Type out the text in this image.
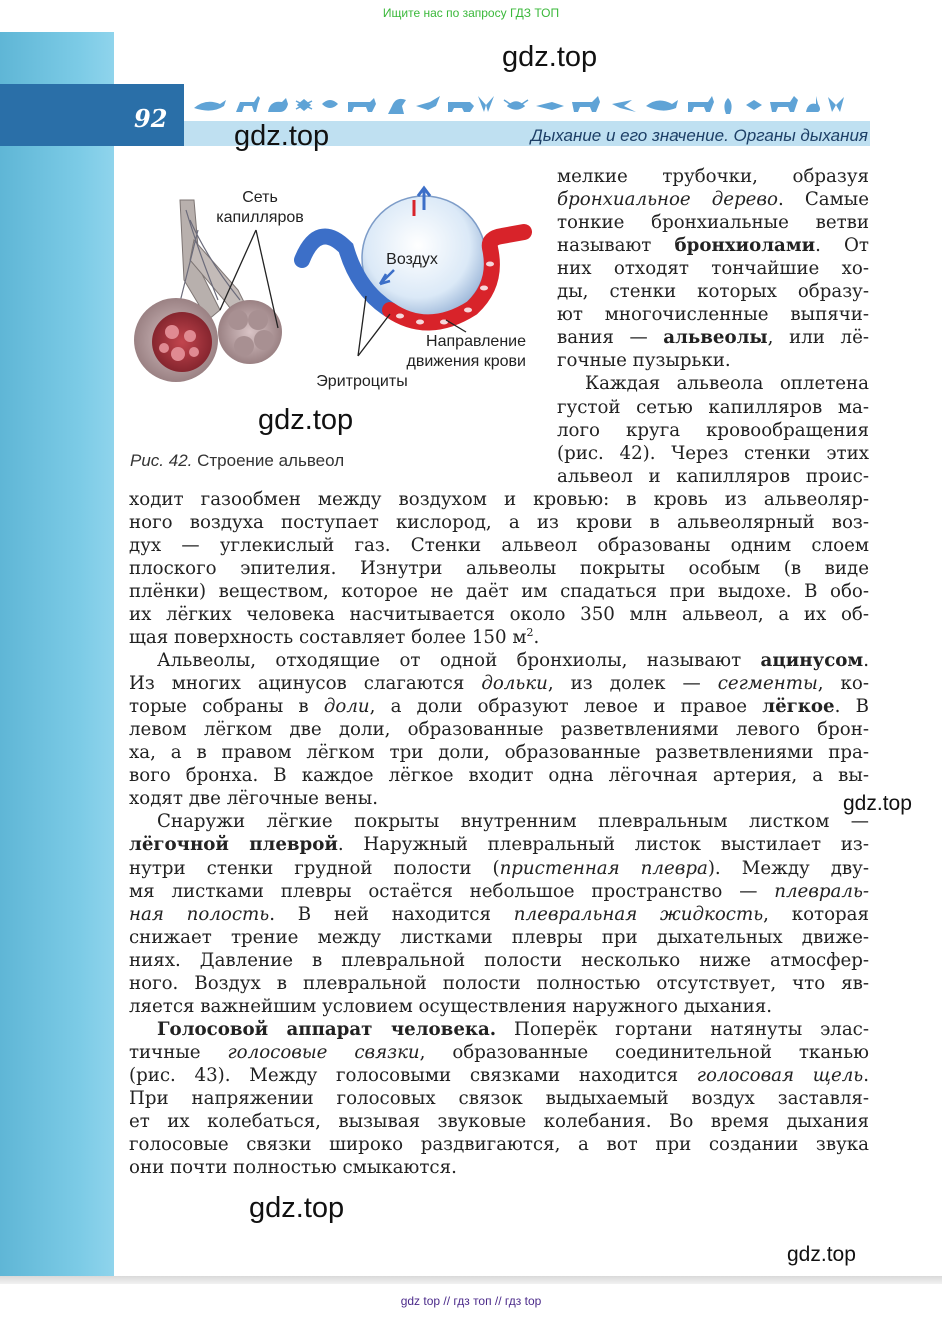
Ищите нас по запросу ГДЗ ТОП
92
Дыхание и его значение. Органы дыхания
Сеть капилляров
Воздух
Направление движения крови
Эритроциты
Рис. 42. Строение альвеол
мелкие трубочки, образуя
бронхиальное дерево. Самые
тонкие бронхиальные ветви
называют бронхиолами. От
них отходят тончайшие хо-
ды, стенки которых образу-
ют многочисленные выпячи-
вания — альвеолы, или лё-
гочные пузырьки.
Каждая альвеола оплетена
густой сетью капилляров ма-
лого круга кровообращения
(рис. 42). Через стенки этих
альвеол и капилляров проис-
ходит газообмен между воздухом и кровью: в кровь из альвеоляр-
ного воздуха поступает кислород, а из крови в альвеолярный воз-
дух — углекислый газ. Стенки альвеол образованы одним слоем
плоского эпителия. Изнутри альвеолы покрыты особым (в виде
плёнки) веществом, которое не даёт им спадаться при выдохе. В обо-
их лёгких человека насчитывается около 350 млн альвеол, а их об-
щая поверхность составляет более 150 $м^2$.
Альвеолы, отходящие от одной бронхиолы, называют ацинусом.
Из многих ацинусов слагаются дольки, из долек — сегменты, ко-
торые собраны в доли, а доли образуют левое и правое лёгкое. В
левом лёгком две доли, образованные разветвлениями левого брон-
ха, а в правом лёгком три доли, образованные разветвлениями пра-
вого бронха. В каждое лёгкое входит одна лёгочная артерия, а вы-
ходят две лёгочные вены.
Снаружи лёгкие покрыты внутренним плевральным листком —
лёгочной плеврой. Наружный плевральный листок выстилает из-
нутри стенки грудной полости (пристенная плевра). Между дву-
мя листками плевры остаётся небольшое пространство — плевраль-
ная полость. В ней находится плевральная жидкость, которая
снижает трение между листками плевры при дыхательных движе-
ниях. Давление в плевральной полости несколько ниже атмосфер-
ного. Воздух в плевральной полости полностью отсутствует, что яв-
ляется важнейшим условием осуществления наружного дыхания.
Голосовой аппарат человека. Поперёк гортани натянуты элас-
тичные голосовые связки, образованные соединительной тканью
(рис. 43). Между голосовыми связками находится голосовая щель.
При напряжении голосовых связок выдыхаемый воздух заставля-
ет их колебаться, вызывая звуковые колебания. Во время дыхания
голосовые связки широко раздвигаются, а вот при создании звука
они почти полностью смыкаются.
gdz.top
gdz.top
gdz.top
gdz.top
gdz.top
gdz.top
gdz top // гдз топ // гдз top
